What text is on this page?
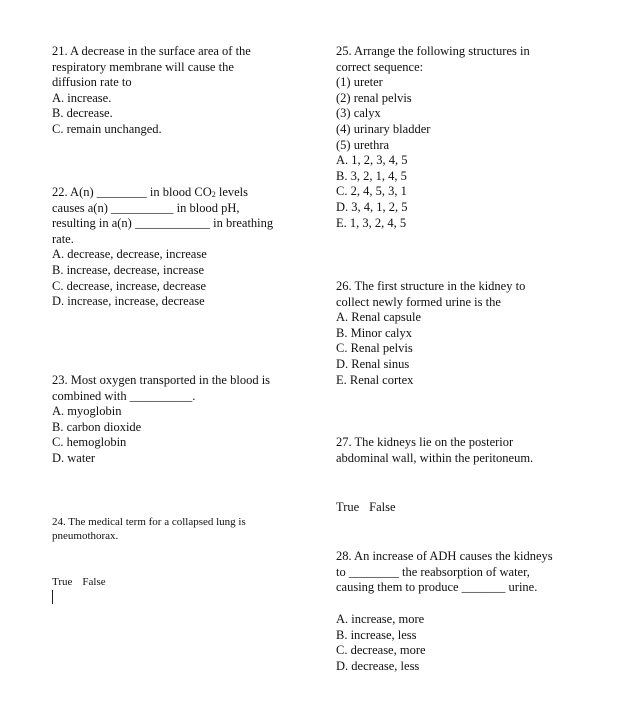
21. A decrease in the surface area of the
respiratory membrane will cause the
diffusion rate to
A. increase.
B. decrease.
C. remain unchanged.
22. A(n) ________ in blood $CO_2$ levels
causes a(n) __________ in blood pH,
resulting in a(n) ____________ in breathing
rate.
A. decrease, decrease, increase
B. increase, decrease, increase
C. decrease, increase, decrease
D. increase, increase, decrease
23. Most oxygen transported in the blood is
combined with __________.
A. myoglobin
B. carbon dioxide
C. hemoglobin
D. water
24. The medical term for a collapsed lung is
pneumothorax.
True False
25. Arrange the following structures in
correct sequence:
(1) ureter
(2) renal pelvis
(3) calyx
(4) urinary bladder
(5) urethra
A. 1, 2, 3, 4, 5
B. 3, 2, 1, 4, 5
C. 2, 4, 5, 3, 1
D. 3, 4, 1, 2, 5
E. 1, 3, 2, 4, 5
26. The first structure in the kidney to
collect newly formed urine is the
A. Renal capsule
B. Minor calyx
C. Renal pelvis
D. Renal sinus
E. Renal cortex
27. The kidneys lie on the posterior
abdominal wall, within the peritoneum.
True False
28. An increase of ADH causes the kidneys
to ________ the reabsorption of water,
causing them to produce _______ urine.
A. increase, more
B. increase, less
C. decrease, more
D. decrease, less
